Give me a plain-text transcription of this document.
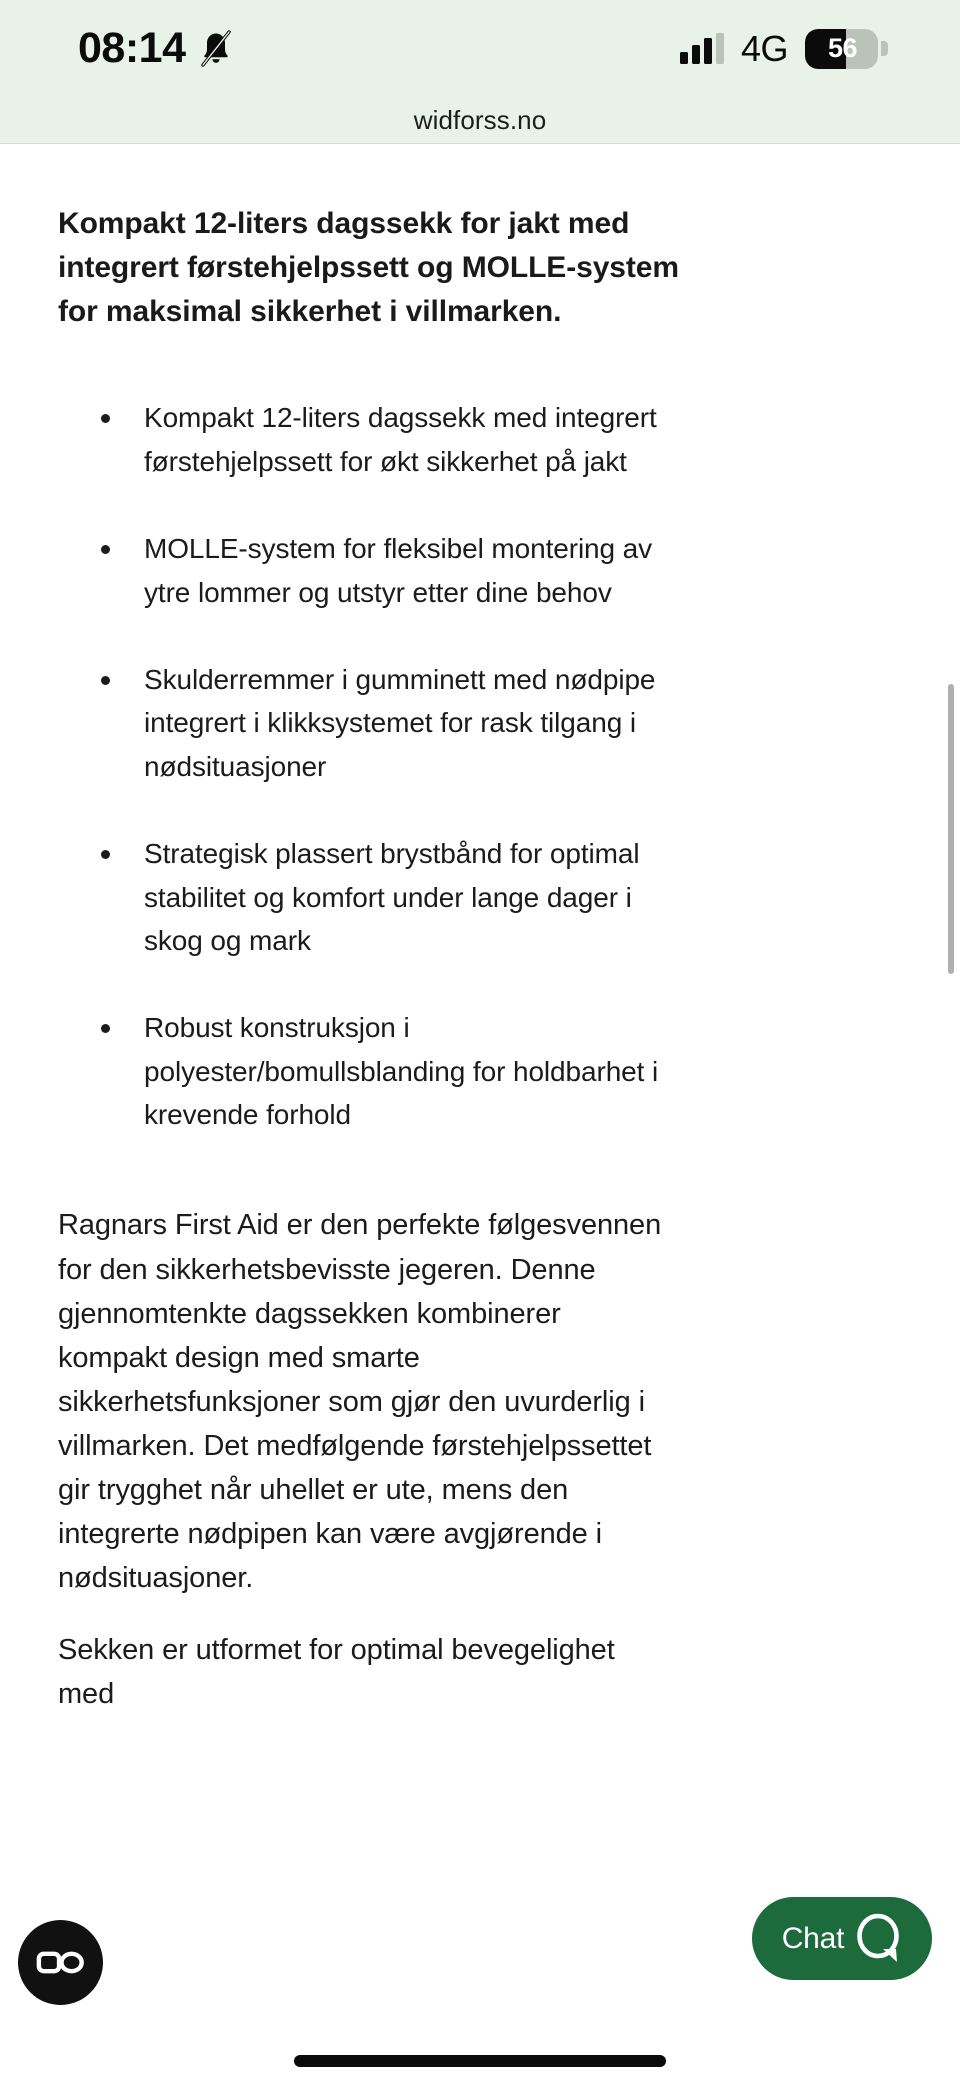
08:14	4G	56
widforss.no
Kompakt 12-liters dagssekk for jakt med integrert førstehjelpssett og MOLLE-system for maksimal sikkerhet i villmarken.
Kompakt 12-liters dagssekk med integrert førstehjelpssett for økt sikkerhet på jakt
MOLLE-system for fleksibel montering av ytre lommer og utstyr etter dine behov
Skulderremmer i gumminett med nødpipe integrert i klikksystemet for rask tilgang i nødsituasjoner
Strategisk plassert brystbånd for optimal stabilitet og komfort under lange dager i skog og mark
Robust konstruksjon i polyester/bomullsblanding for holdbarhet i krevende forhold

Ragnars First Aid er den perfekte følgesvennen for den sikkerhetsbevisste jegeren. Denne gjennomtenkte dagssekken kombinerer kompakt design med smarte sikkerhetsfunksjoner som gjør den uvurderlig i villmarken. Det medfølgende førstehjelpssettet gir trygghet når uhellet er ute, mens den integrerte nødpipen kan være avgjørende i nødsituasjoner.

Sekken er utformet for optimal bevegelighet med

Chat
